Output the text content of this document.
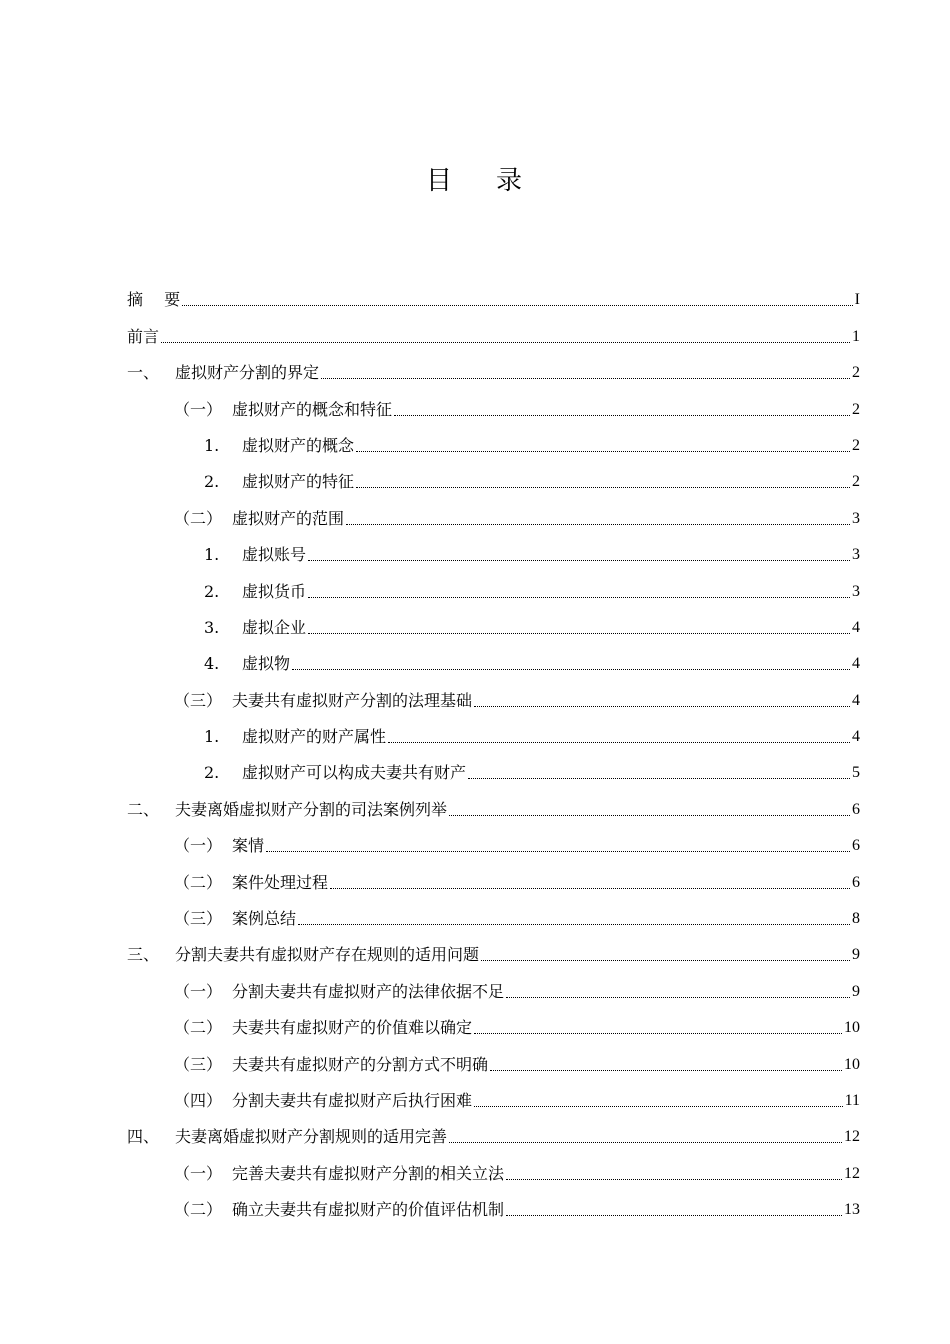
目 录
摘　 要	I
前言	1
一、 虚拟财产分割的界定	2
（一） 虚拟财产的概念和特征	2
1.	虚拟财产的概念	2
2.	虚拟财产的特征	2
（二） 虚拟财产的范围	3
1.	虚拟账号	3
2.	虚拟货币	3
3.	虚拟企业	4
4.	虚拟物	4
（三） 夫妻共有虚拟财产分割的法理基础	4
1.	虚拟财产的财产属性	4
2.	虚拟财产可以构成夫妻共有财产	5
二、 夫妻离婚虚拟财产分割的司法案例列举	6
（一） 案情	6
（二） 案件处理过程	6
（三） 案例总结	8
三、 分割夫妻共有虚拟财产存在规则的适用问题	9
（一） 分割夫妻共有虚拟财产的法律依据不足	9
（二） 夫妻共有虚拟财产的价值难以确定	10
（三） 夫妻共有虚拟财产的分割方式不明确	10
（四） 分割夫妻共有虚拟财产后执行困难	11
四、 夫妻离婚虚拟财产分割规则的适用完善	12
（一） 完善夫妻共有虚拟财产分割的相关立法	12
（二） 确立夫妻共有虚拟财产的价值评估机制	13
